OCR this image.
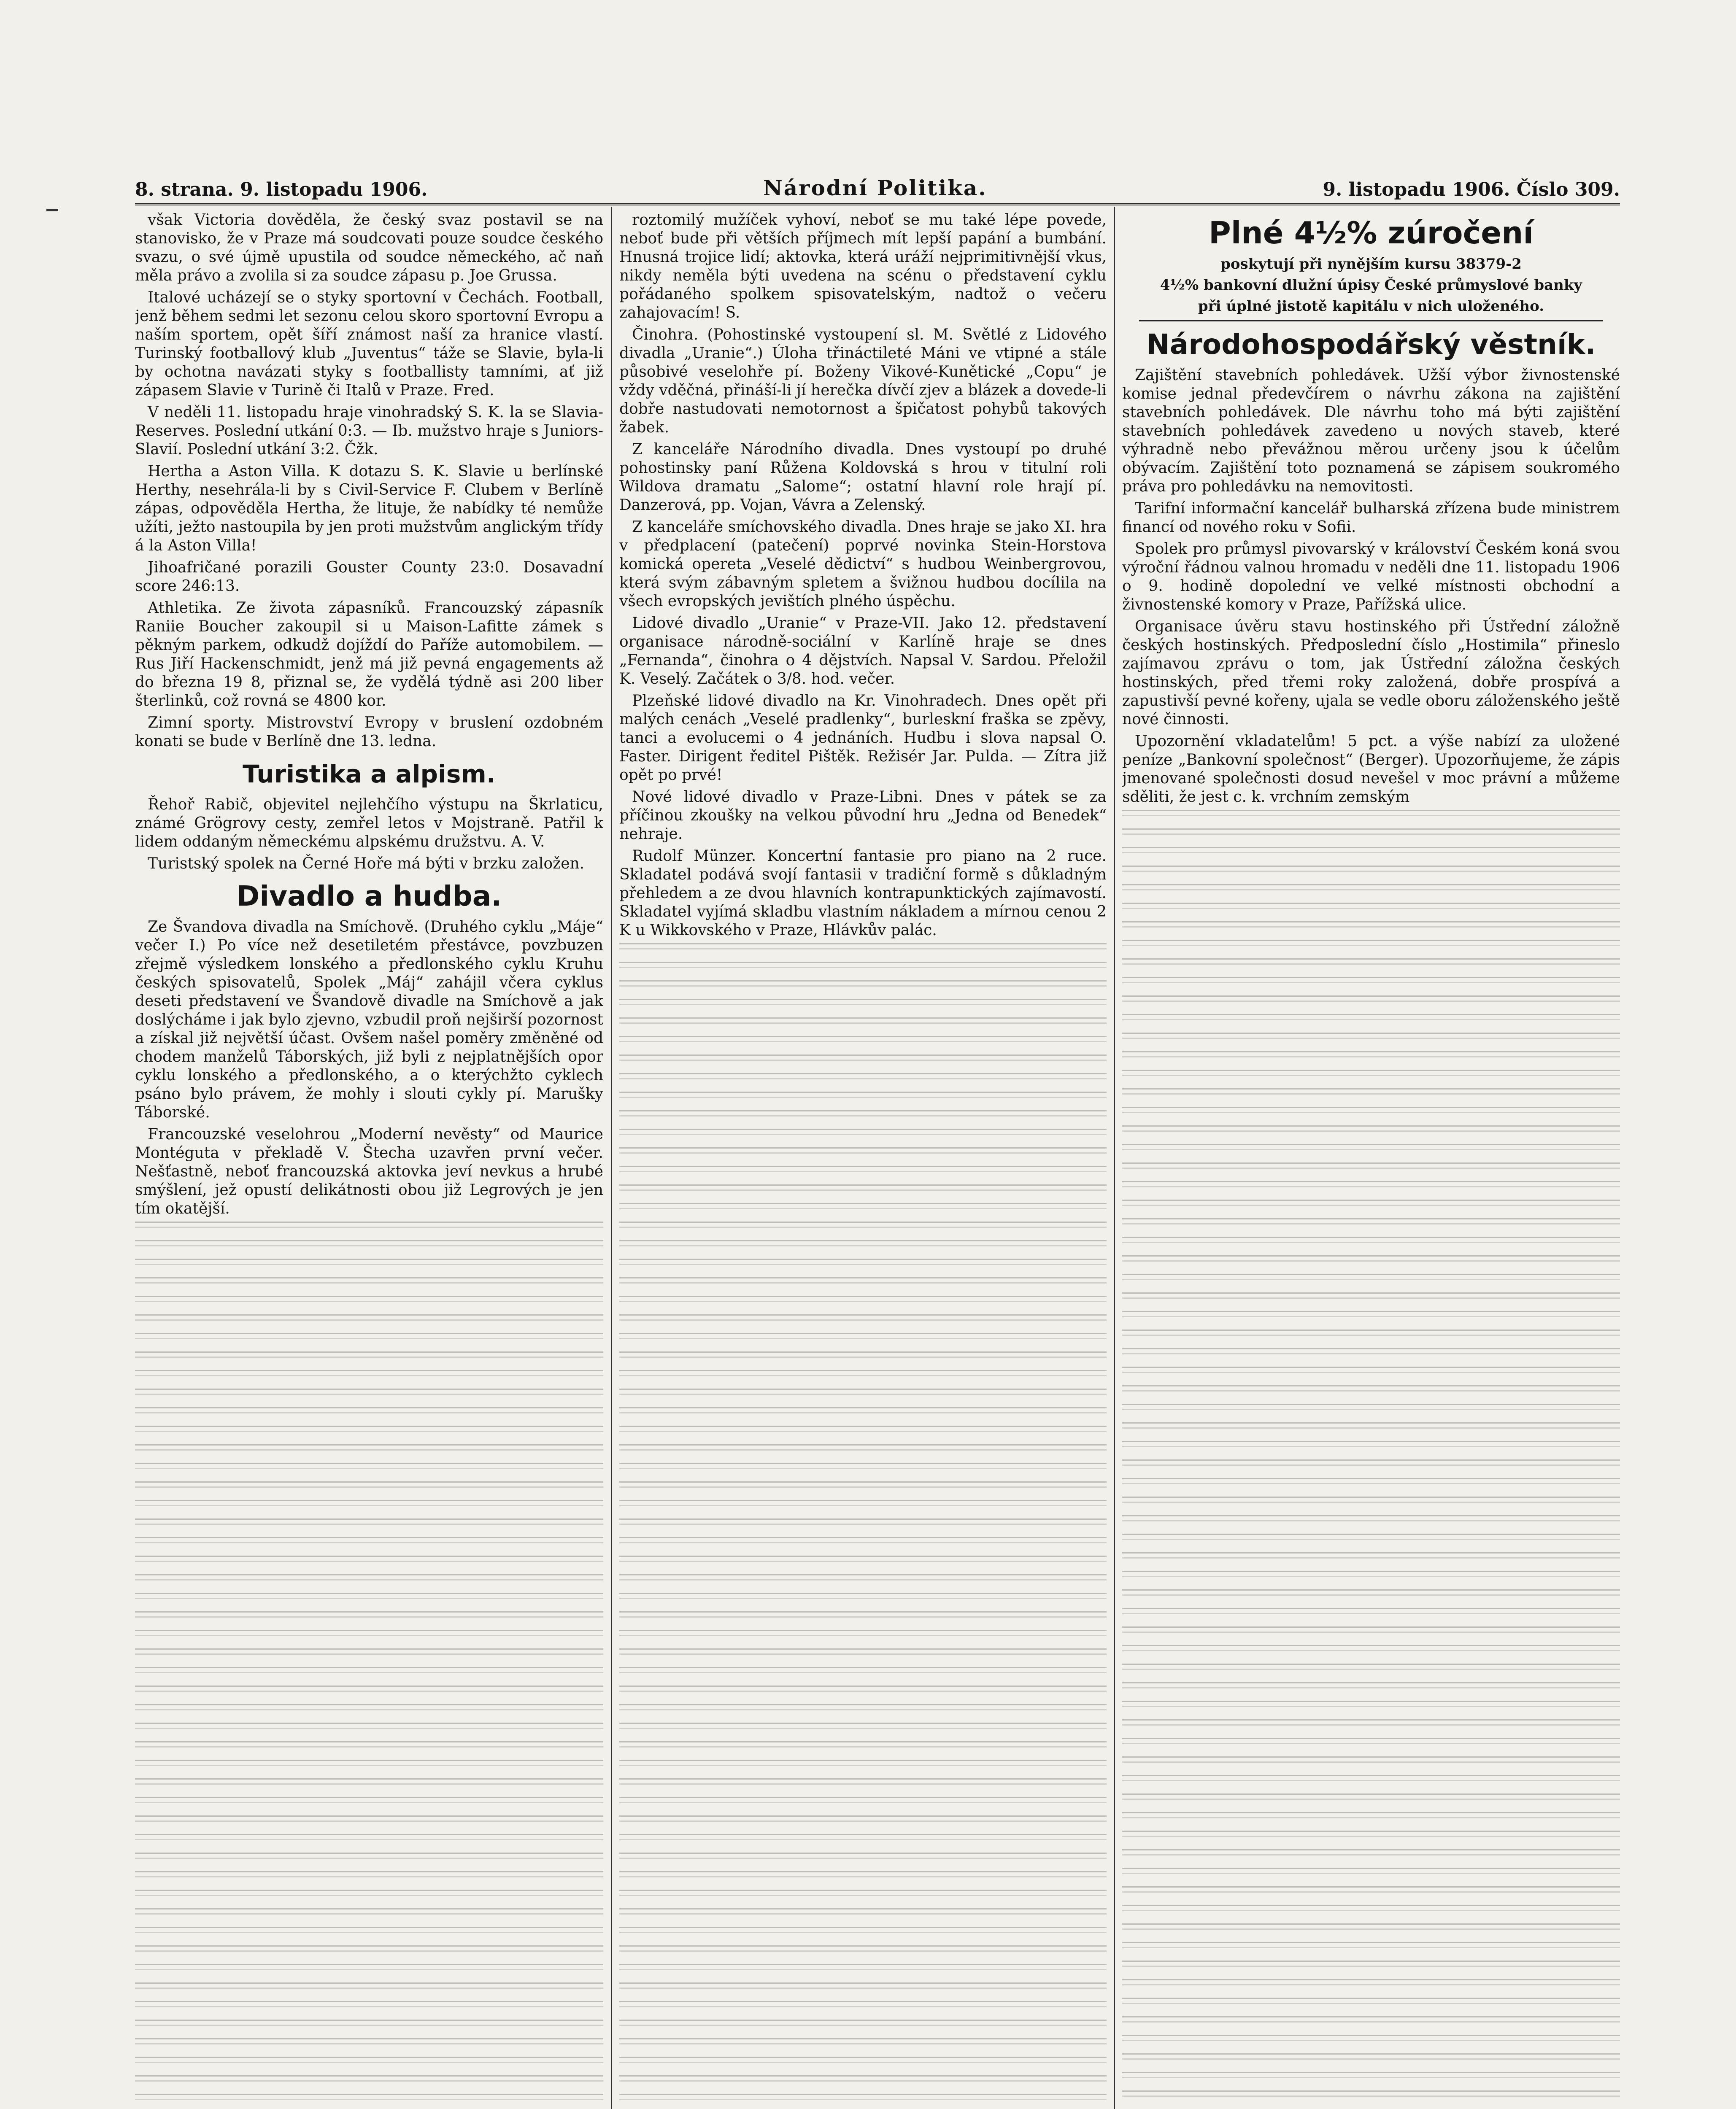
8. strana. 9. listopadu 1906.	Národní Politika.	9. listopadu 1906. Číslo 309.

však Victoria dověděla, že český svaz postavil se na stanovisko, že v Praze má soudcovati pouze soudce českého svazu, o své újmě upustila od soudce německého, ač naň měla právo a zvolila si za soudce zápasu p. Joe Grussa.

Italové ucházejí se o styky sportovní v Čechách. Football, jenž během sedmi let sezonu celou skoro sportovní Evropu a naším sportem, opět šíří známost naší za hranice vlastí. Turinský footballový klub „Juventus“ táže se Slavie, byla-li by ochotna navázati styky s footballisty tamními, ať již zápasem Slavie v Turině či Italů v Praze. Fred.

V neděli 11. listopadu hraje vinohradský S. K. la se Slavia-Reserves. Poslední utkání 0:3. — Ib. mužstvo hraje s Juniors-Slavií. Poslední utkání 3:2. Čžk.

Hertha a Aston Villa. K dotazu S. K. Slavie u berlínské Herthy, nesehrála-li by s Civil-Service F. Clubem v Berlíně zápas, odpověděla Hertha, že lituje, že nabídky té nemůže užíti, ježto nastoupila by jen proti mužstvům anglickým třídy á la Aston Villa!

Jihoafričané porazili Gouster County 23:0. Dosavadní score 246:13.

Athletika. Ze života zápasníků. Francouzský zápasník Raniie Boucher zakoupil si u Maison-Lafitte zámek s pěkným parkem, odkudž dojíždí do Paříže automobilem. — Rus Jiří Hackenschmidt, jenž má již pevná engagements až do března 19 8, přiznal se, že vydělá týdně asi 200 liber šterlinků, což rovná se 4800 kor.

Zimní sporty. Mistrovství Evropy v bruslení ozdobném konati se bude v Berlíně dne 13. ledna.

Turistika a alpism.

Řehoř Rabič, objevitel nejlehčího výstupu na Škrlaticu, známé Grögrovy cesty, zemřel letos v Mojstraně. Patřil k lidem oddaným německému alpskému družstvu. A. V.

Turistský spolek na Černé Hoře má býti v brzku založen.

Divadlo a hudba.

Ze Švandova divadla na Smíchově. (Druhého cyklu „Máje“ večer I.) Po více než desetiletém přestávce, povzbuzen zřejmě výsledkem lonského a předlonského cyklu Kruhu českých spisovatelů, Spolek „Máj“ zahájil včera cyklus deseti představení ve Švandově divadle na Smíchově a jak doslýcháme i jak bylo zjevno, vzbudil proň nejširší pozornost a získal již největší účast. Ovšem našel poměry změněné od chodem manželů Táborských, již byli z nejplatnějších opor cyklu lonského a předlonského, a o kterýchžto cyklech psáno bylo právem, že mohly i slouti cykly pí. Marušky Táborské.

Francouzské veselohrou „Moderní nevěsty“ od Maurice Montéguta v překladě V. Štecha uzavřen první večer. Nešťastně, neboť francouzská aktovka jeví nevkus a hrubé smýšlení, jež opustí delikátnosti obou již Legrových je jen tím okatější.

roztomilý mužíček vyhoví, neboť se mu také lépe povede, neboť bude při větších příjmech mít lepší papání a bumbání. Hnusná trojice lidí; aktovka, která uráží nejprimitivnější vkus, nikdy neměla býti uvedena na scénu o představení cyklu pořádaného spolkem spisovatelským, nadtož o večeru zahajovacím! S.

Činohra. (Pohostinské vystoupení sl. M. Světlé z Lidového divadla „Uranie“.) Úloha třináctileté Máni ve vtipné a stále působivé veselohře pí. Boženy Vikové-Kunětické „Copu“ je vždy vděčná, přináší-li jí herečka dívčí zjev a blázek a dovede-li dobře nastudovati nemotornost a špičatost pohybů takových žabek.

Z kanceláře Národního divadla. Dnes vystoupí po druhé pohostinsky paní Růžena Koldovská s hrou v titulní roli Wildova dramatu „Salome“; ostatní hlavní role hrají pí. Danzerová, pp. Vojan, Vávra a Zelenský.

Z kanceláře smíchovského divadla. Dnes hraje se jako XI. hra v předplacení (patečení) poprvé novinka Stein-Horstova komická opereta „Veselé dědictví“ s hudbou Weinbergrovou, která svým zábavným spletem a švižnou hudbou docílila na všech evropských jevištích plného úspěchu.

Lidové divadlo „Uranie“ v Praze-VII. Jako 12. představení organisace národně-sociální v Karlíně hraje se dnes „Fernanda“, činohra o 4 dějstvích. Napsal V. Sardou. Přeložil K. Veselý. Začátek o 3/8. hod. večer.

Plzeňské lidové divadlo na Kr. Vinohradech. Dnes opět při malých cenách „Veselé pradlenky“, burleskní fraška se zpěvy, tanci a evolucemi o 4 jednáních. Hudbu i slova napsal O. Faster. Dirigent ředitel Pištěk. Režisér Jar. Pulda. — Zítra již opět po prvé!

Nové lidové divadlo v Praze-Libni. Dnes v pátek se za příčinou zkoušky na velkou původní hru „Jedna od Benedek“ nehraje.

Rudolf Münzer. Koncertní fantasie pro piano na 2 ruce. Skladatel podává svojí fantasii v tradiční formě s důkladným přehledem a ze dvou hlavních kontrapunktických zajímavostí. Skladatel vyjímá skladbu vlastním nákladem a mírnou cenou 2 K u Wikkovského v Praze, Hlávkův palác.

Plné 4½% zúročení
poskytují při nynějším kursu 38379-2
4½% bankovní dlužní úpisy České průmyslové banky
při úplné jistotě kapitálu v nich uloženého.
Národohospodářský věstník.

Zajištění stavebních pohledávek. Užší výbor živnostenské komise jednal předevčírem o návrhu zákona na zajištění stavebních pohledávek. Dle návrhu toho má býti zajištění stavebních pohledávek zavedeno u nových staveb, které výhradně nebo převážnou měrou určeny jsou k účelům obývacím. Zajištění toto poznamená se zápisem soukromého práva pro pohledávku na nemovitosti.

Tarifní informační kancelář bulharská zřízena bude ministrem financí od nového roku v Sofii.

Spolek pro průmysl pivovarský v království Českém koná svou výroční řádnou valnou hromadu v neděli dne 11. listopadu 1906 o 9. hodině dopolední ve velké místnosti obchodní a živnostenské komory v Praze, Pařížská ulice.

Organisace úvěru stavu hostinského při Ústřední záložně českých hostinských. Předposlední číslo „Hostimila“ přineslo zajímavou zprávu o tom, jak Ústřední záložna českých hostinských, před třemi roky založená, dobře prospívá a zapustivší pevné kořeny, ujala se vedle oboru záloženského ještě nové činnosti.

Upozornění vkladatelům! 5 pct. a výše nabízí za uložené peníze „Bankovní společnost“ (Berger). Upozorňujeme, že zápis jmenované společnosti dosud nevešel v moc právní a můžeme sděliti, že jest c. k. vrchním zemským
